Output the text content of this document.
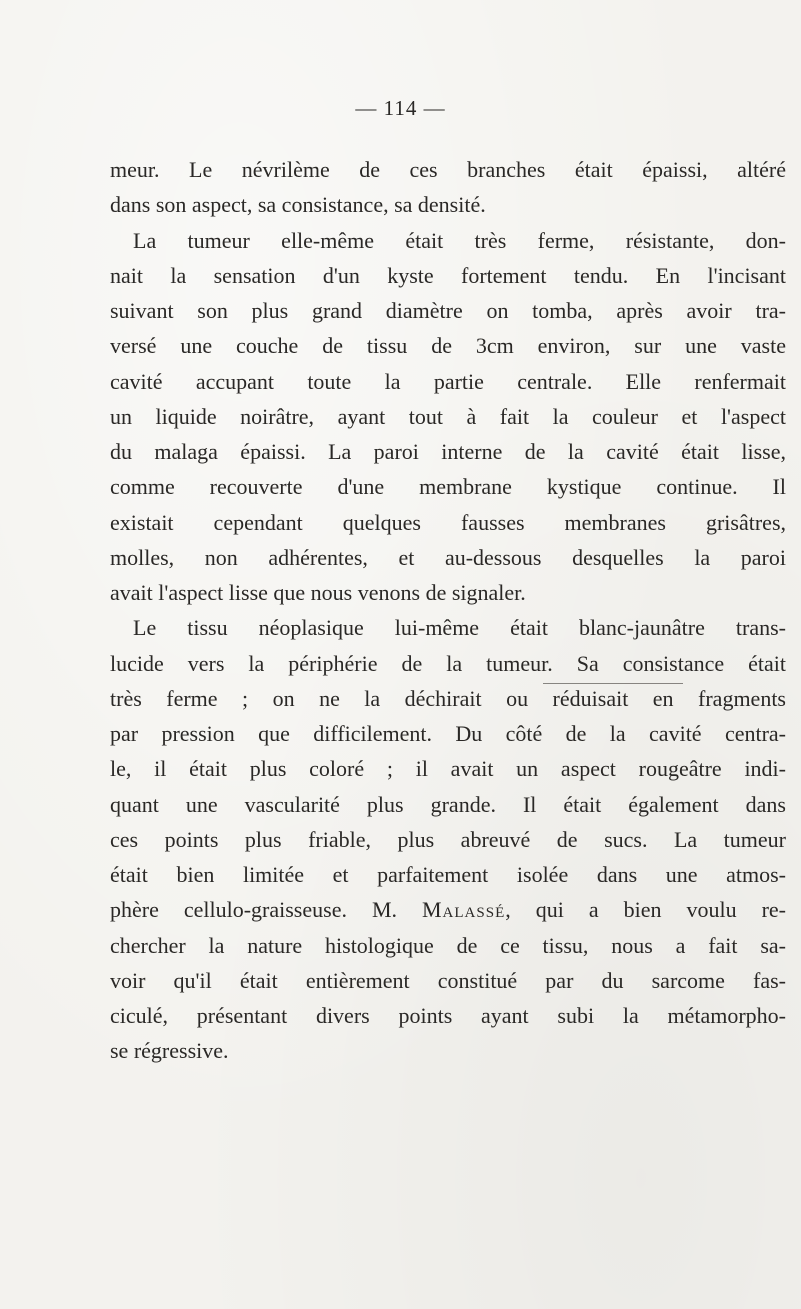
— 114 —
meur. Le névrilème de ces branches était épaissi, altéré
dans son aspect, sa consistance, sa densité.
La tumeur elle-même était très ferme, résistante, don-
nait la sensation d'un kyste fortement tendu. En l'incisant
suivant son plus grand diamètre on tomba, après avoir tra-
versé une couche de tissu de 3cm environ, sur une vaste
cavité accupant toute la partie centrale. Elle renfermait
un liquide noirâtre, ayant tout à fait la couleur et l'aspect
du malaga épaissi. La paroi interne de la cavité était lisse,
comme recouverte d'une membrane kystique continue. Il
existait cependant quelques fausses membranes grisâtres,
molles, non adhérentes, et au-dessous desquelles la paroi
avait l'aspect lisse que nous venons de signaler.
Le tissu néoplasique lui-même était blanc-jaunâtre trans-
lucide vers la périphérie de la tumeur. Sa consistance était
très ferme ; on ne la déchirait ou réduisait en fragments
par pression que difficilement. Du côté de la cavité centra-
le, il était plus coloré ; il avait un aspect rougeâtre indi-
quant une vascularité plus grande. Il était également dans
ces points plus friable, plus abreuvé de sucs. La tumeur
était bien limitée et parfaitement isolée dans une atmos-
phère cellulo-graisseuse. M. Malassé, qui a bien voulu re-
chercher la nature histologique de ce tissu, nous a fait sa-
voir qu'il était entièrement constitué par du sarcome fas-
ciculé, présentant divers points ayant subi la métamorpho-
se régressive.
